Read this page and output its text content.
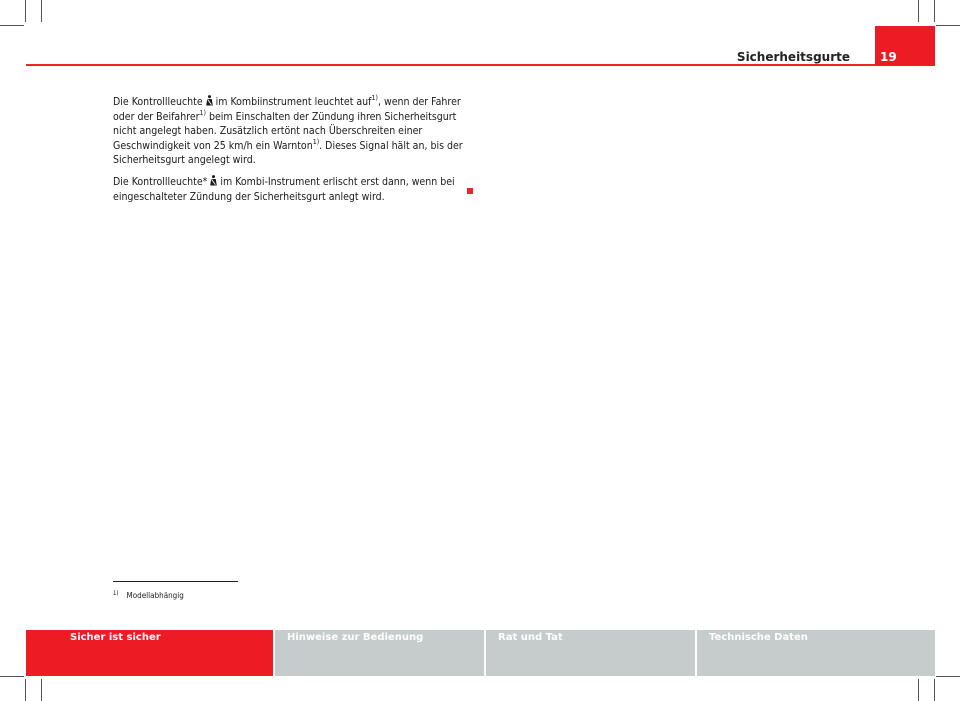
Sicherheitsgurte	19

Die Kontrollleuchte
im Kombiinstrument leuchtet auf$^{1)}$, wenn der Fahrer oder der Beifahrer$^{1)}$ beim Einschalten der Zündung ihren Sicherheitsgurt nicht angelegt haben. Zusätzlich ertönt nach Überschreiten einer Geschwindigkeit von 25 km/h ein Warnton$^{1)}$. Dieses Signal hält an, bis der Sicherheitsgurt angelegt wird.

Die Kontrollleuchte*
im Kombi-Instrument erlischt erst dann, wenn bei eingeschalteter Zündung der Sicherheitsgurt anlegt wird.

$^{1)}$ Modellabhängig
Sicher ist sicher	Hinweise zur Bedienung	Rat und Tat	Technische Daten
